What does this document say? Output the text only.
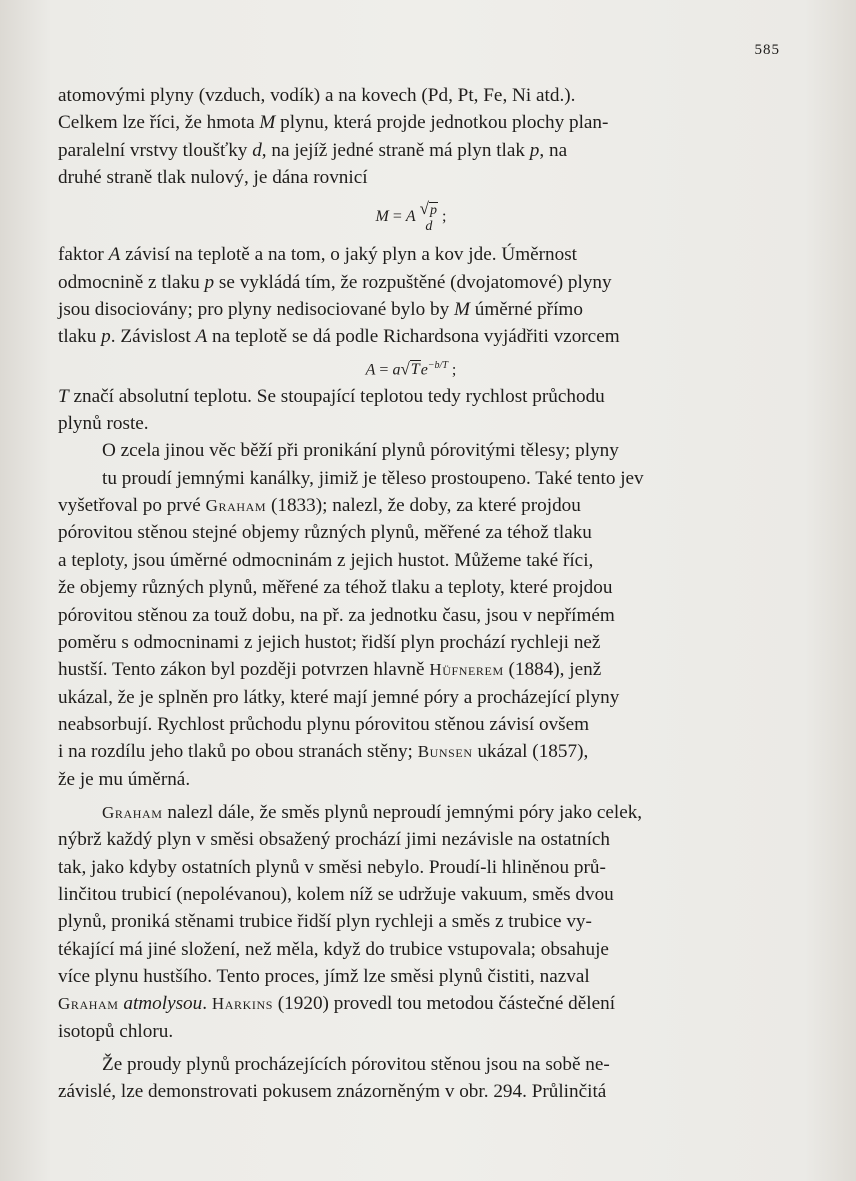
585

atomovými plyny (vzduch, vodík) a na kovech (Pd, Pt, Fe, Ni atd.).
Celkem lze říci, že hmota M plynu, která projde jednotkou plochy plan-
paralelní vrstvy tloušťky d, na jejíž jedné straně má plyn tlak p, na
druhé straně tlak nulový, je dána rovnicí

M = A √p
d
;

faktor A závisí na teplotě a na tom, o jaký plyn a kov jde. Úměrnost
odmocnině z tlaku p se vykládá tím, že rozpuštěné (dvojatomové) plyny
jsou disociovány; pro plyny nedisociované bylo by M úměrné přímo
tlaku p. Závislost A na teplotě se dá podle Richardsona vyjádřiti vzorcem

$A = a√Te^{-b/T}$ ;

T značí absolutní teplotu. Se stoupající teplotou tedy rychlost průchodu
plynů roste.

O zcela jinou věc běží při pronikání plynů pórovitými tělesy; plyny
tu proudí jemnými kanálky, jimiž je těleso prostoupeno. Také tento jev
vyšetřoval po prvé Graham (1833); nalezl, že doby, za které projdou
pórovitou stěnou stejné objemy různých plynů, měřené za téhož tlaku
a teploty, jsou úměrné odmocninám z jejich hustot. Můžeme také říci,
že objemy různých plynů, měřené za téhož tlaku a teploty, které projdou
pórovitou stěnou za touž dobu, na př. za jednotku času, jsou v nepřímém
poměru s odmocninami z jejich hustot; řidší plyn prochází rychleji než
hustší. Tento zákon byl později potvrzen hlavně Hüfnerem (1884), jenž
ukázal, že je splněn pro látky, které mají jemné póry a procházející plyny
neabsorbují. Rychlost průchodu plynu pórovitou stěnou závisí ovšem
i na rozdílu jeho tlaků po obou stranách stěny; Bunsen ukázal (1857),
že je mu úměrná.

Graham nalezl dále, že směs plynů neproudí jemnými póry jako celek,
nýbrž každý plyn v směsi obsažený prochází jimi nezávisle na ostatních
tak, jako kdyby ostatních plynů v směsi nebylo. Proudí-li hliněnou prů-
linčitou trubicí (nepolévanou), kolem níž se udržuje vakuum, směs dvou
plynů, proniká stěnami trubice řidší plyn rychleji a směs z trubice vy-
tékající má jiné složení, než měla, když do trubice vstupovala; obsahuje
více plynu hustšího. Tento proces, jímž lze směsi plynů čistiti, nazval
Graham atmolysou. Harkins (1920) provedl tou metodou částečné dělení
isotopů chloru.

Že proudy plynů procházejících pórovitou stěnou jsou na sobě ne-
závislé, lze demonstrovati pokusem znázorněným v obr. 294. Průlinčitá
